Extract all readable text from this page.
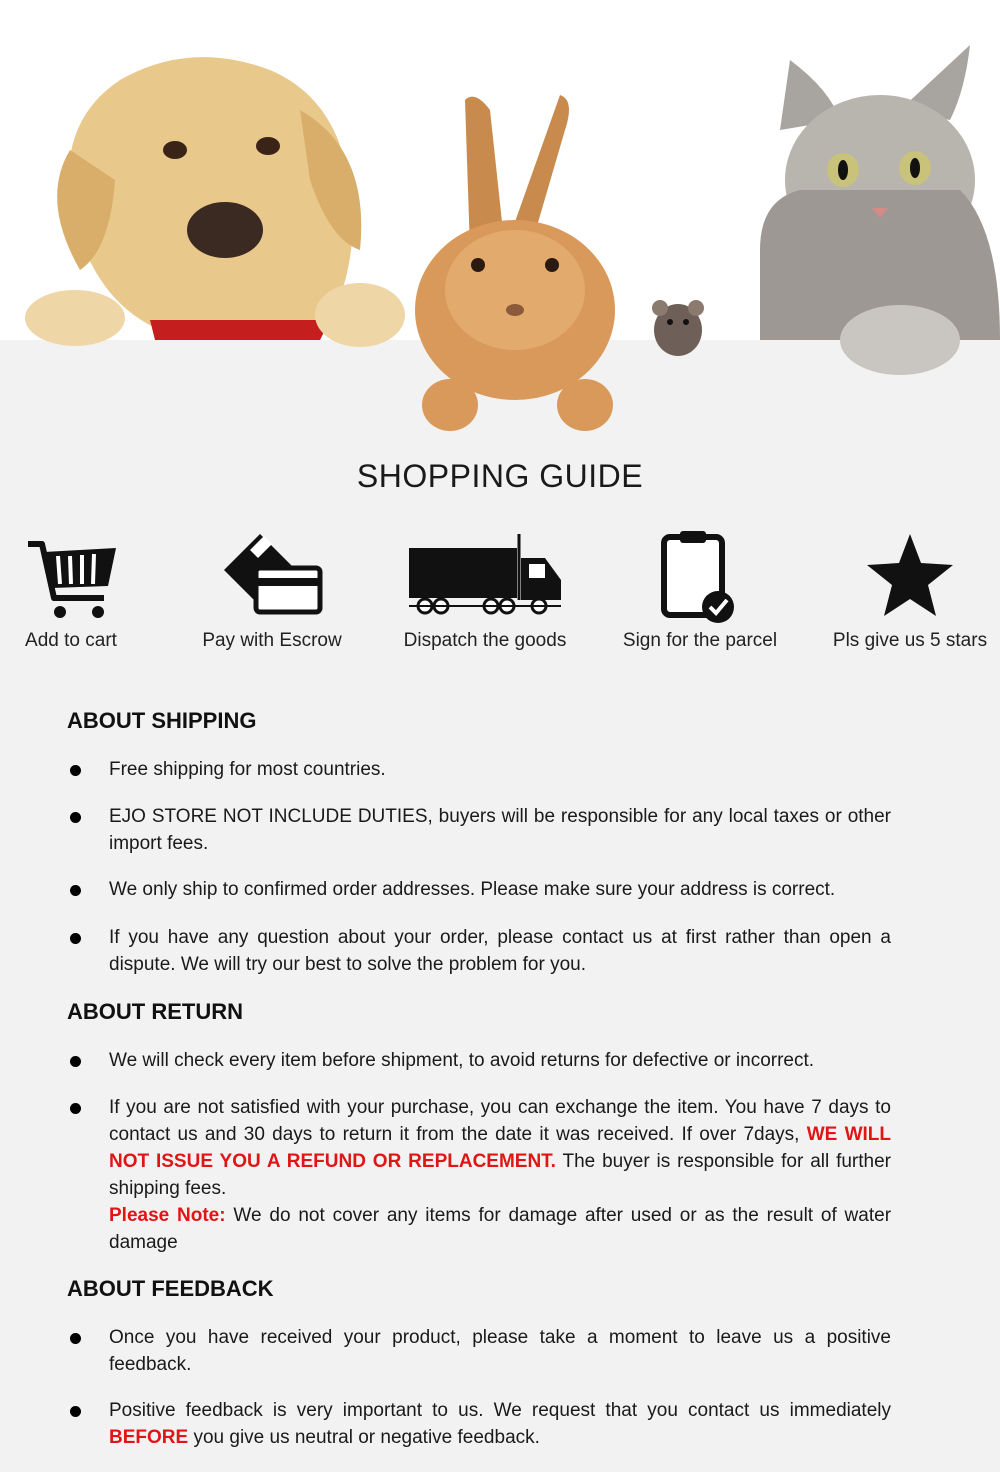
SHOPPING GUIDE
Add to cart	Pay with Escrow	Dispatch the goods	Sign for the parcel	Pls give us 5 stars
ABOUT SHIPPING
Free shipping for most countries.
EJO STORE NOT INCLUDE DUTIES, buyers will be responsible for any local taxes or other import fees.
We only ship to confirmed order addresses. Please make sure your address is correct.
If you have any question about your order, please contact us at first rather than open a dispute. We will try our best to solve the problem for you.
ABOUT RETURN
We will check every item before shipment, to avoid returns for defective or incorrect.
If you are not satisfied with your purchase, you can exchange the item. You have 7 days to contact us and 30 days to return it from the date it was received. If over 7days, WE WILL NOT ISSUE YOU A REFUND OR REPLACEMENT. The buyer is responsible for all further shipping fees.
Please Note: We do not cover any items for damage after used or as the result of water damage
ABOUT FEEDBACK
Once you have received your product, please take a moment to leave us a positive feedback.
Positive feedback is very important to us. We request that you contact us immediately BEFORE you give us neutral or negative feedback.
